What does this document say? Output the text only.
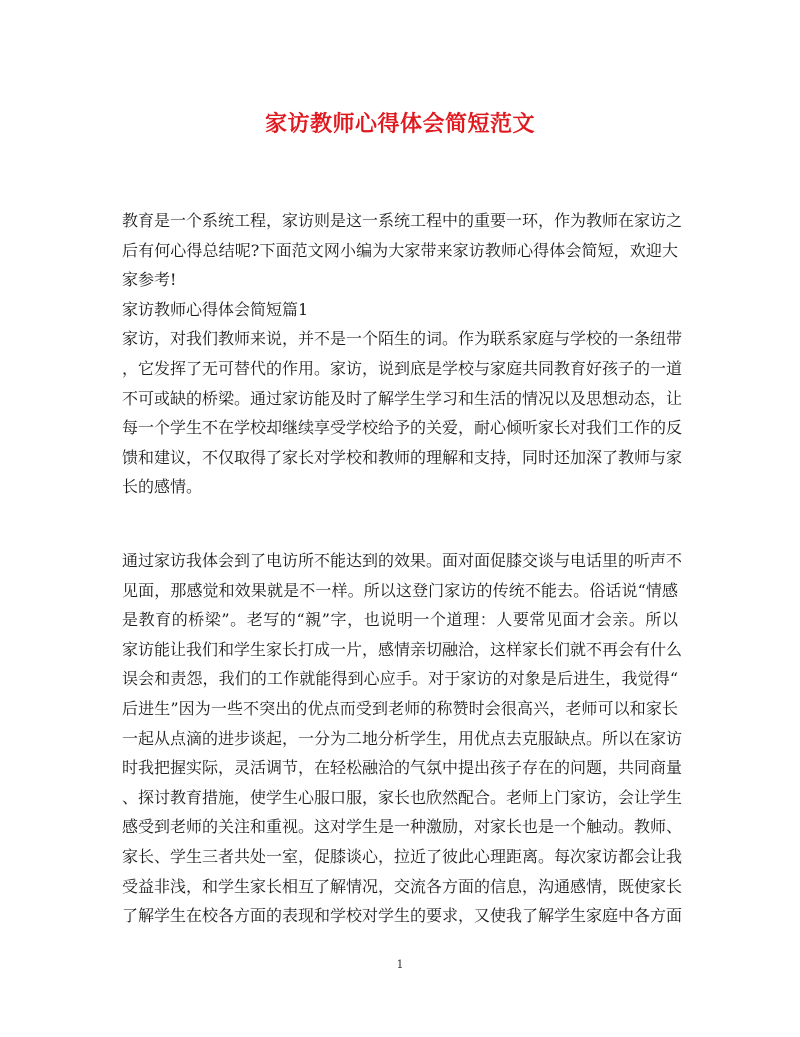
家访教师心得体会简短范文
教育是一个系统工程，家访则是这一系统工程中的重要一环，作为教师在家访之
后有何心得总结呢?下面范文网小编为大家带来家访教师心得体会简短，欢迎大
家参考!
家访教师心得体会简短篇1
家访，对我们教师来说，并不是一个陌生的词。作为联系家庭与学校的一条纽带
，它发挥了无可替代的作用。家访，说到底是学校与家庭共同教育好孩子的一道
不可或缺的桥梁。通过家访能及时了解学生学习和生活的情况以及思想动态，让
每一个学生不在学校却继续享受学校给予的关爱，耐心倾听家长对我们工作的反
馈和建议，不仅取得了家长对学校和教师的理解和支持，同时还加深了教师与家
长的感情。
通过家访我体会到了电访所不能达到的效果。面对面促膝交谈与电话里的听声不
见面，那感觉和效果就是不一样。所以这登门家访的传统不能去。俗话说“情感
是教育的桥梁”。老写的“親”字，也说明一个道理：人要常见面才会亲。所以
家访能让我们和学生家长打成一片，感情亲切融洽，这样家长们就不再会有什么
误会和责怨，我们的工作就能得到心应手。对于家访的对象是后进生，我觉得“
后进生”因为一些不突出的优点而受到老师的称赞时会很高兴，老师可以和家长
一起从点滴的进步谈起，一分为二地分析学生，用优点去克服缺点。所以在家访
时我把握实际，灵活调节，在轻松融洽的气氛中提出孩子存在的问题，共同商量
、探讨教育措施，使学生心服口服，家长也欣然配合。老师上门家访，会让学生
感受到老师的关注和重视。这对学生是一种激励，对家长也是一个触动。教师、
家长、学生三者共处一室，促膝谈心，拉近了彼此心理距离。每次家访都会让我
受益非浅，和学生家长相互了解情况，交流各方面的信息，沟通感情，既使家长
了解学生在校各方面的表现和学校对学生的要求，又使我了解学生家庭中各方面
1
